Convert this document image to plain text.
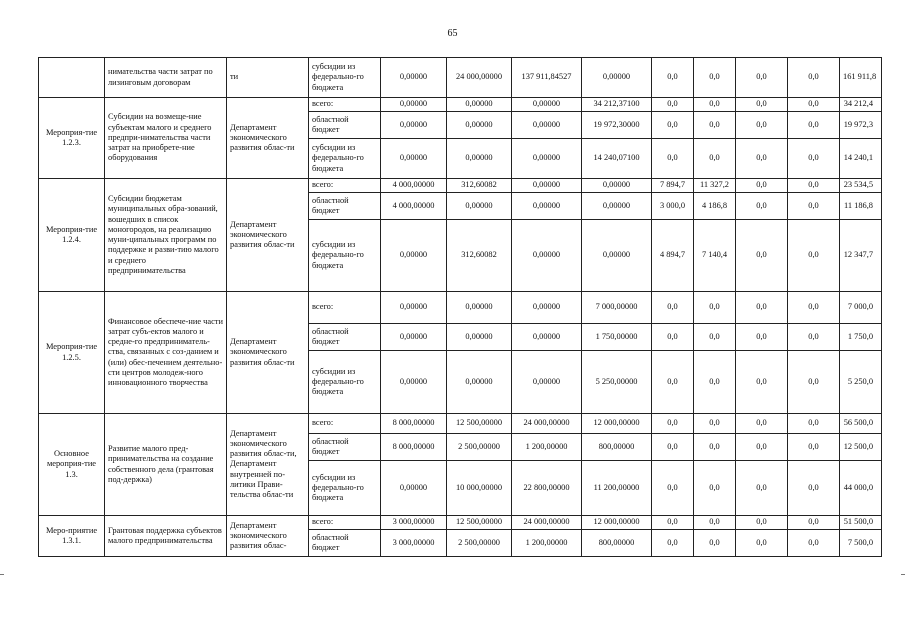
65
	нимательства части затрат по лизинговым договорам	ти	субсидии из федерально-го бюджета	0,00000	24 000,00000	137 911,84527	0,00000	0,0	0,0	0,0	0,0	161 911,8
Мероприя-тие 1.2.3.	Субсидии на возмеще-ние субъектам малого и среднего предпри-нимательства части затрат на приобрете-ние оборудования	Департамент экономического развития облас-ти	всего:	0,00000	0,00000	0,00000	34 212,37100	0,0	0,0	0,0	0,0	34 212,4
			областной бюджет	0,00000	0,00000	0,00000	19 972,30000	0,0	0,0	0,0	0,0	19 972,3
			субсидии из федерально-го бюджета	0,00000	0,00000	0,00000	14 240,07100	0,0	0,0	0,0	0,0	14 240,1
Мероприя-тие 1.2.4.	Субсидии бюджетам муниципальных обра-зований, вошедших в список моногородов, на реализацию муни-ципальных программ по поддержке и разви-тию малого и среднего предпринимательства	Департамент экономического развития облас-ти	всего:	4 000,00000	312,60082	0,00000	0,00000	7 894,7	11 327,2	0,0	0,0	23 534,5
			областной бюджет	4 000,00000	0,00000	0,00000	0,00000	3 000,0	4 186,8	0,0	0,0	11 186,8
			субсидии из федерально-го бюджета	0,00000	312,60082	0,00000	0,00000	4 894,7	7 140,4	0,0	0,0	12 347,7
Мероприя-тие 1.2.5.	Финансовое обеспече-ние части затрат субъ-ектов малого и средне-го предприниматель-ства, связанных с соз-данием и (или) обес-печением деятельно-сти центров молодеж-ного инновационного творчества	Департамент экономического развития облас-ти	всего:	0,00000	0,00000	0,00000	7 000,00000	0,0	0,0	0,0	0,0	7 000,0
			областной бюджет	0,00000	0,00000	0,00000	1 750,00000	0,0	0,0	0,0	0,0	1 750,0
			субсидии из федерально-го бюджета	0,00000	0,00000	0,00000	5 250,00000	0,0	0,0	0,0	0,0	5 250,0
Основное мероприя-тие 1.3.	Развитие малого пред-принимательства на создание собственного дела (грантовая под-держка)	Департамент экономического развития облас-ти, Департамент внутренней по-литики Прави-тельства облас-ти	всего:	8 000,00000	12 500,00000	24 000,00000	12 000,00000	0,0	0,0	0,0	0,0	56 500,0
			областной бюджет	8 000,00000	2 500,00000	1 200,00000	800,00000	0,0	0,0	0,0	0,0	12 500,0
			субсидии из федерально-го бюджета	0,00000	10 000,00000	22 800,00000	11 200,00000	0,0	0,0	0,0	0,0	44 000,0
Меро-приятие 1.3.1.	Грантовая поддержка субъектов малого предпринимательства	Департамент экономического развития облас-	всего:	3 000,00000	12 500,00000	24 000,00000	12 000,00000	0,0	0,0	0,0	0,0	51 500,0
			областной бюджет	3 000,00000	2 500,00000	1 200,00000	800,00000	0,0	0,0	0,0	0,0	7 500,0
